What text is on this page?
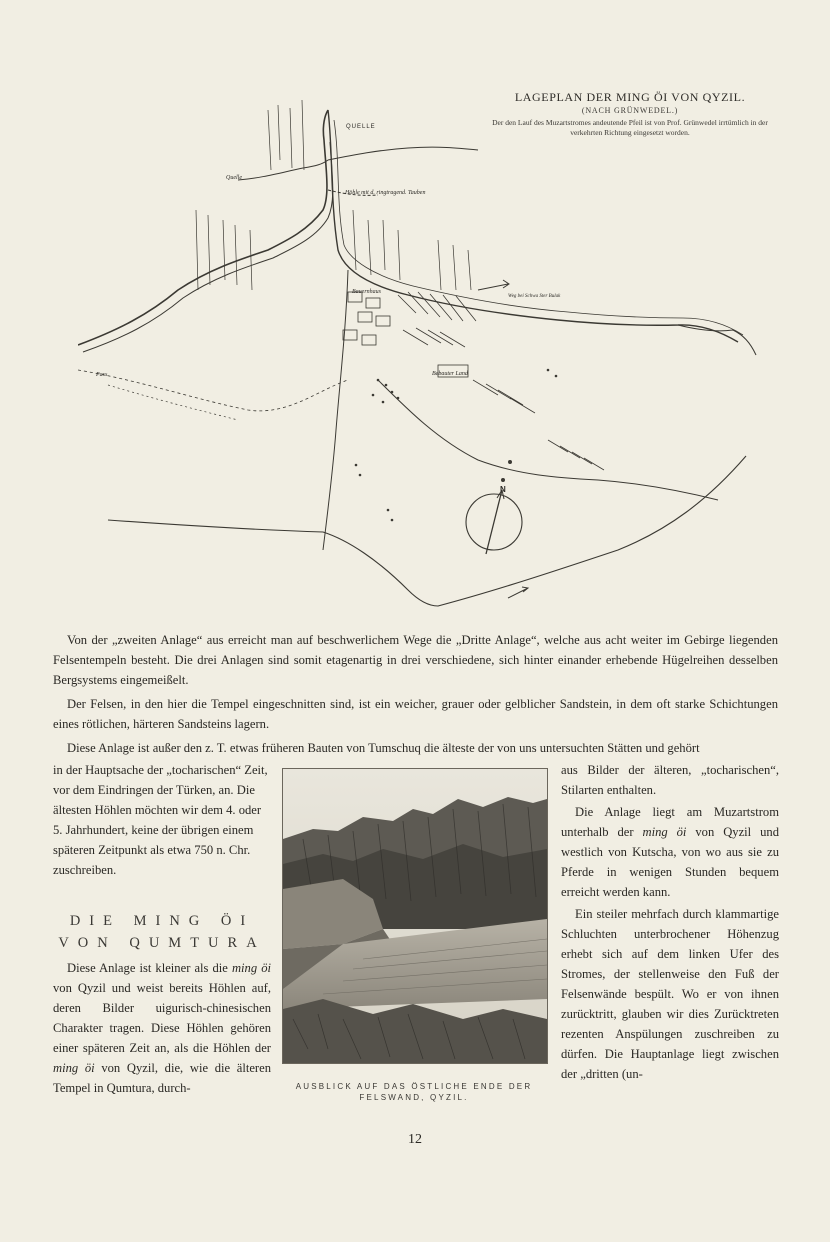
QUELLE
Quelle
Höhle mit d. ringtragend. Tauben
Bauernhaus
Bebauter Land
N
Pass
Weg bei Schwa Ster Bulak
LAGEPLAN DER MING ÖI VON QYZIL.
(NACH GRÜNWEDEL.)
Der den Lauf des Muzartstromes andeutende Pfeil ist von Prof. Grünwedel irrtümlich in der verkehrten Richtung eingesetzt worden.
Von der „zweiten Anlage“ aus erreicht man auf beschwerlichem Wege die „Dritte Anlage“, welche aus acht weiter im Gebirge liegenden Felsentempeln besteht. Die drei Anlagen sind somit etagenartig in drei verschiedene, sich hinter einander erhebende Hügelreihen desselben Bergsystems eingemeißelt.
Der Felsen, in den hier die Tempel eingeschnitten sind, ist ein weicher, grauer oder gelblicher Sandstein, in dem oft starke Schichtungen eines rötlichen, härteren Sandsteins lagern.
Diese Anlage ist außer den z. T. etwas früheren Bauten von Tumschuq die älteste der von uns untersuchten Stätten und gehört
in der Hauptsache der „tocharischen“ Zeit, vor dem Eindringen der Türken, an. Die ältesten Höhlen möchten wir dem 4. oder 5. Jahrhundert, keine der übrigen einem späteren Zeitpunkt als etwa 750 n. Chr. zuschreiben.
DIE MING ÖI VON QUMTURA
Diese Anlage ist kleiner als die ming öi von Qyzil und weist bereits Höhlen auf, deren Bilder uigurisch-chinesischen Charakter tragen. Diese Höhlen gehören einer späteren Zeit an, als die Höhlen der ming öi von Qyzil, die, wie die älteren Tempel in Qumtura, durch-	AUSBLICK AUF DAS ÖSTLICHE ENDE DER FELSWAND, QYZIL.
aus Bilder der älteren, „tocharischen“, Stilarten enthalten.
Die Anlage liegt am Muzartstrom unterhalb der ming öi von Qyzil und westlich von Kutscha, von wo aus sie zu Pferde in wenigen Stunden bequem erreicht werden kann.
Ein steiler mehrfach durch klammartige Schluchten unterbrochener Höhenzug erhebt sich auf dem linken Ufer des Stromes, der stellenweise den Fuß der Felsenwände bespült. Wo er von ihnen zurücktritt, glauben wir dies Zurücktreten rezenten Anspülungen zuschreiben zu dürfen. Die Hauptanlage liegt zwischen der „dritten (un-
12
